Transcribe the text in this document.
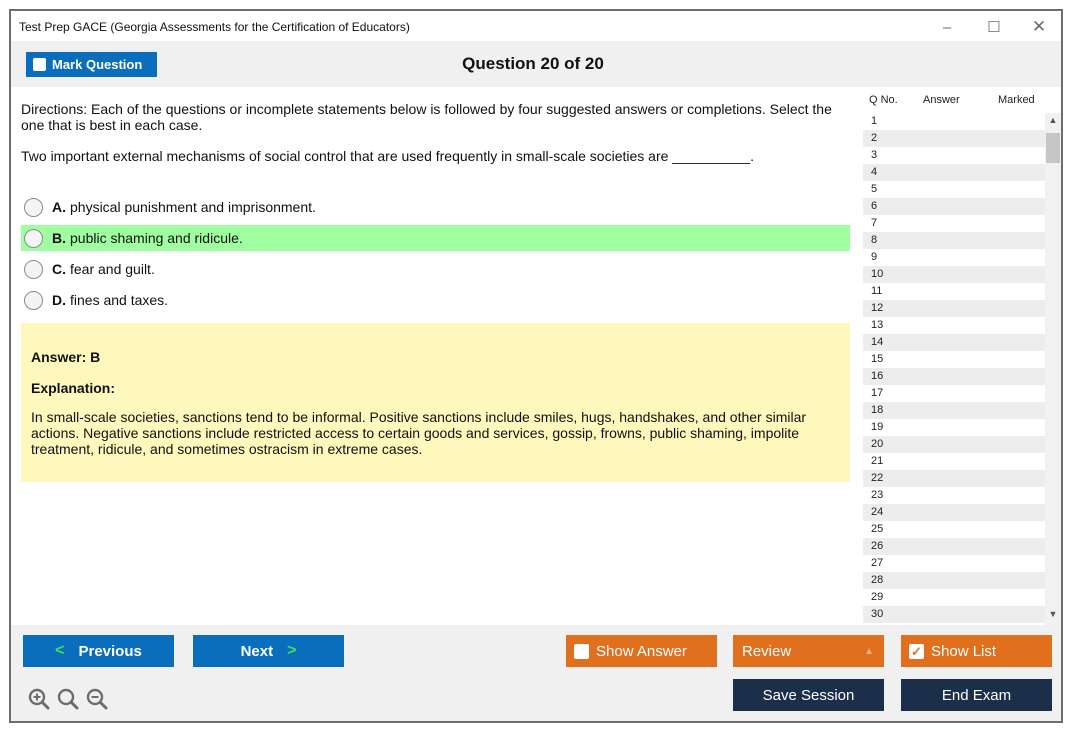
Test Prep GACE (Georgia Assessments for the Certification of Educators)	–	☐	✕
Mark Question	Question 20 of 20
Directions: Each of the questions or incomplete statements below is followed by four suggested answers or completions. Select the one that is best in each case.
Two important external mechanisms of social control that are used frequently in small-scale societies are __________.
A. physical punishment and imprisonment.
B. public shaming and ridicule.
C. fear and guilt.
D. fines and taxes.
Answer: B
Explanation:
In small-scale societies, sanctions tend to be informal. Positive sanctions include smiles, hugs, handshakes, and other similar actions. Negative sanctions include restricted access to certain goods and services, gossip, frowns, public shaming, impolite treatment, ridicule, and sometimes ostracism in extreme cases.
Q No. Answer	Marked
1
2
3
4
5
6
7
8
9
10
11
12
13
14
15
16
17
18
19
20
21
22
23
24
25
26
27
28
29
30
▲
▼
< Previous	Next >	Show Answer	Review	▲	✓ Show List
Save Session	End Exam
